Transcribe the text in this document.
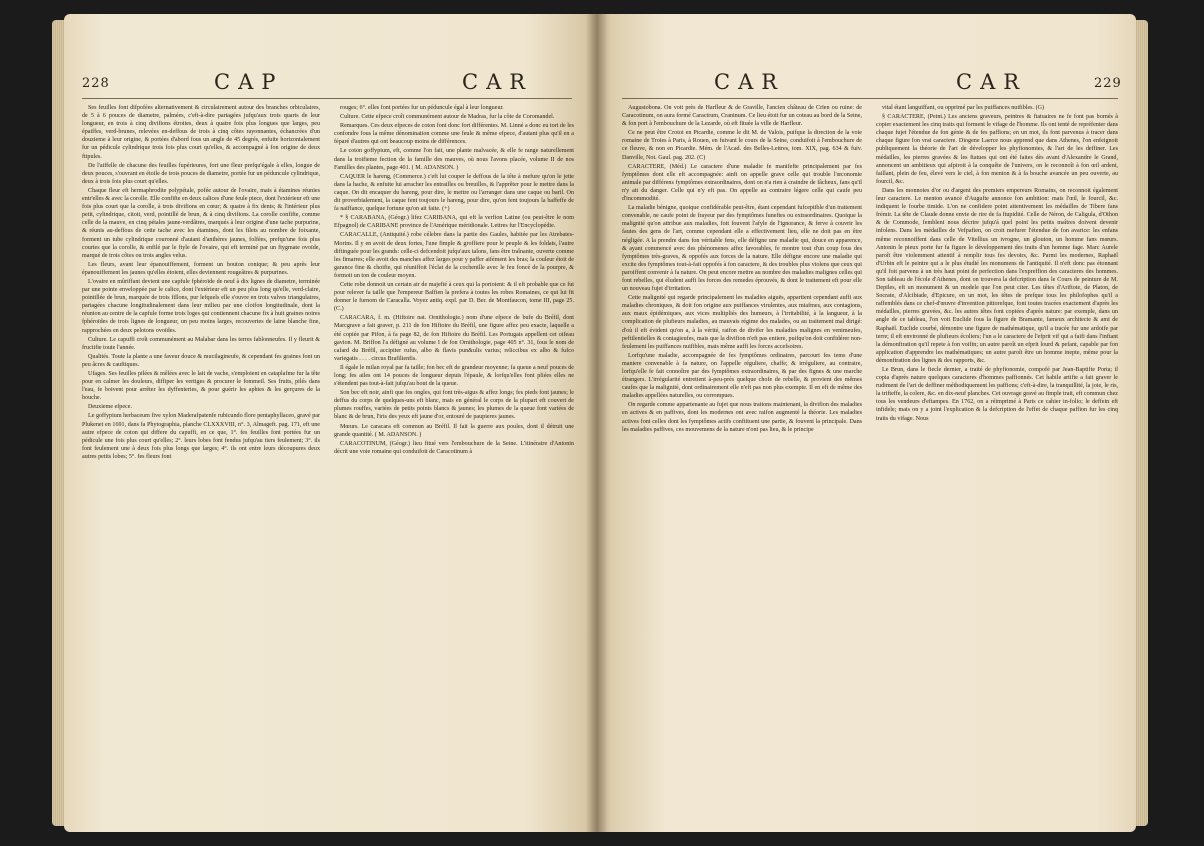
228	CAP	CAR

Ses feuilles font difpofées alternativement & circulairement autour des branches orbiculaires, de 5 à 6 pouces de diametre, palmées, c'eft-à-dire partagées jufqu'aux trois quarts de leur longueur, en trois à cinq divifions étroites, deux à quatre fois plus longues que larges, peu épaiffes, verd-brunes, relevées en-deffous de trois à cinq côtes rayonnantes, échancrées d'un douzieme à leur origine, & portées d'abord fous un angle de 45 degrés, enfuite horizontalement fur un pédicule cylindrique trois fois plus court qu'elles, & accompagné à fon origine de deux ftipules.

De l'aiffelle de chacune des feuilles fupérieures, fort une fleur prefqu'égale à elles, longue de deux pouces, s'ouvrant en étoile de trois pouces de diametre, portée fur un péduncule cylindrique, deux à trois fois plus court qu'elles.

Chaque fleur eft hermaphrodite polypétale, pofée autour de l'ovaire, mais à étamines réunies entr'elles & avec la corolle. Elle confifte en deux calices d'une feule piece, dont l'extérieur eft une fois plus court que la corolle, à trois divifions en cœur; & quatre à fix dents; & l'intérieur plus petit, cylindrique, citoit, verd, pointillé de brun, & à cinq divifions. La corolle confifte, comme celle de la mauve, en cinq pétales jaune-verdâtres, marqués à leur origine d'une tache purpurine, & réunis au-deffous de cette tache avec les étamines, dont les filets au nombre de foixante, forment un tube cylindrique couronné d'autant d'anthères jaunes, folfées, prefqu'une fois plus courtes que la corolle, & enfilé par le ftyle de l'ovaire, qui eft terminé par un ftygmate ovoïde, marqué de trois côtes ou trois angles velus.

Les fleurs, avant leur épanouiffement, forment un bouton conique; & peu après leur épanouiffement les jaunes qu'elles étoient, elles deviennent rougeâtres & purpurines.

L'ovaire en mûriffant devient une capfule fphéroïde de neuf à dix lignes de diametre, terminée par une pointe enveloppée par le calice, dont l'extérieur eft un peu plus long qu'elle, verd-claire, pointillée de brun, marquée de trois fillons, pur lefquels elle s'ouvre en trois valves triangulaires, partagées chacune longitudinalement dans leur milieu par une cloifon longitudinale, dont la réunion au centre de la capfule forme trois loges qui contiennent chacune fix à huit graines noires fphéroïdes de trois lignes de longueur, un peu moins larges, recouvertes de laine blanche fine, rapprochées en deux pelotons ovoïdes.

Culture. Le capuffi croît communément au Malabar dans les terres fablonneufes. Il y fleurit & fructifie toute l'année.

Qualités. Toute la plante a une faveur douce & mucilagineufe, & cependant fes graines font un peu âcres & cauftiques.

Ufages. Ses feuilles pilées & mêlées avec le lait de vache, s'emploient en cataplafme fur la tête pour en calmer les douleurs, diffiper les vertiges & procurer le fommeil. Ses fruits, pilés dans l'eau, fe boivent pour arrêter les dyffenteries, & pour guérir les aphtes & les gerçures de la bouche.

Deuxieme efpece.

Le goffypium herbaceum five xylon Maderafpatenfe rubicundo flore pentaphyllaceo, gravé par Plukenet en 1691, dans fa Phytographia, planche CLXXXVIII, n°. 3, Almageft. pag. 171, eft une autre efpece de coton qui differe du capuffi, en ce que, 1°. fes feuilles font portées fur un pédicule une fois plus court qu'elles; 2°. leurs lobes font fendus jufqu'au tiers feulement; 3°. ils font feulement une à deux fois plus longs que larges; 4°. ils ont entre leurs découpures deux autres petits lobes; 5°. fes fleurs font

rouges; 6°. elles font portées fur un péduncule égal à leur longueur.

Culture. Cette efpece croît communément autour de Madras, fur la côte de Coromandel.

Remarques. Ces deux efpeces de coton font donc fort différentes. M. Linné a donc eu tort de les confondre fous la même dénomination comme une feule & même efpece, d'autant plus qu'il en a féparé d'autres qui ont beaucoup moins de différences.

Le coton goffypium, eft, comme l'on fait, une plante malvacée, & elle fe range naturellement dans la troifieme fection de la famille des mauves, où nous l'avons placée, volume II de nos Familles des plantes, page 401. ( M. ADANSON. )

CAQUER le hareng, (Commerce.) c'eft lui couper le deffous de la tête à mefure qu'on le jette dans la hache, & enfuite lui arracher les entrailles ou breuilles, & l'apprêter pour le mettre dans la caque. On dit encaquer du hareng, pour dire, le mettre ou l'arranger dans une caque ou baril. On dit proverbialement, la caque fent toujours le hareng, pour dire, qu'on fent toujours la baffeffe de fa naiffance, quelque fortune qu'on ait faite. (+)

* § CARABANA, (Géogr.) lifez CARIBANA, qui eft la verfion Latine (ou peut-être le nom Efpagnol) de CARIBANE province de l'Amérique méridionale. Lettres fur l'Encyclopédie.

CARACALLE, (Antiquité.) robe célebre dans la partie des Gaules, habitée par les Atrebates-Morins. Il y en avoit de deux fortes, l'une fimple & groffiere pour le peuple & les foldats, l'autre diftinguée pour les grands: celle-ci defcendoit jufqu'aux talons, fans être traînante, ouverte comme les fimarres; elle avoit des manches affez larges pour y paffer aifément les bras; la couleur étoit de garance fine & choifie, qui réuniffoit l'éclat de la cochenille avec le feu foncé de la pourpre, & formoit un ton de couleur moyen.

Cette robe donnoit un certain air de majefté à ceux qui la portoient: & il eft probable que ce fut pour relever fa taille que l'empereur Baffien la prefera à toutes les robes Romaines, ce qui lui fit donner le furnom de Caracalla. Voyez antiq. expl. par D. Ber. de Montfaucon, tome III, page 25. (C.)

CARACARA, f. m. (Hiftoire nat. Ornithologie.) nom d'une efpece de bufe du Bréfil, dont Marcgrave a fait graver, p. 211 de fon Hiftoire du Bréfil, une figure affez peu exacte, laquelle a été copiée par Pifon, à fa page 82, de fon Hiftoire du Bréfil. Les Portugais appellent cet oifeau gavion. M. Briffon l'a défigné au volume I de fon Ornithologie, page 405 n°. 31, fous le nom de cafard du Bréfil, accipiter rufus, albo & flavis pun&ulis varius; reliccibus ex albo & fufco variegatis . . . . circus Brafilienfis.

Il égale le milan royal par fa taille; fon bec eft de grandeur moyenne; fa queue a neuf pouces de long; fes ailes ont 14 pouces de longueur depuis l'épaule, & lorfqu'elles font pliées elles ne s'étendent pas tout-à-fait jufqu'au bout de la queue.

Son bec eft noir, ainfi que fes ongles, qui font très-aigus & affez longs; fes pieds font jaunes; le deffus du corps de quelques-uns eft blanc, mais en général le corps de la plupart eft couvert de plumes rouffes, variées de petits points blancs & jaunes; les plumes de la queue font variées de blanc & de brun, l'iris des yeux eft jaune d'or, entouré de paupieres jaunes.

Mœurs. Le caracara eft commun au Bréfil. Il fait la guerre aux poules, dont il détruit une grande quantité. ( M. ADANSON. )

CARACOTINUM, (Géogr.) lieu fitué vers l'embouchure de la Seine. L'itinéraire d'Antonin décrit une voie romaine qui conduifoit de Caracotinum à

CAR	CAR	229

Augustobona. On voit près de Harfleur & de Graville, l'ancien château de Crïen ou ruine: de Caracotinum, on aura formé Caractrum, Craninum. Ce lieu étoit fur un coteau au bord de la Seine, & fon port à l'embouchure de la Lezarde, où eft fituée la ville de Harfleur.

Ce ne peut être Crotoi en Picardie, comme le dit M. de Valois, puifque la direction de la voie romaine de Troies à Paris, à Rouen, en fuivant le cours de la Seine, conduifoit à l'embouchure de ce fleuve, & non en Picardie. Mém. de l'Acad. des Belles-Lettres, tom. XIX, pag. 634 & fuiv. Danville, Not. Gaul. pag. 202. (C)

CARACTERE, (Méd.) Le caractere d'une maladie fe manifefte principalement par fes fymptômes dont elle eft accompagnée: ainfi on appelle grave celle qui trouble l'œconomie animale par différens fymptômes extraordinaires, dont on n'a rien à craindre de fâcheux, fans qu'il n'y ait du danger. Celle qui n'y eft pas. On appelle au contraire légere celle qui caufe peu d'incommodité.

La maladie bénigne, quoique confidérable peut-être, étant cependant fufceptible d'un traitement convenable, ne caufe point de frayeur par des fymptômes funeftes ou extraordinaires. Quoique la malignité qu'on attribue aux maladies, foit fouvent l'afyle de l'ignorance, & ferve à couvrir les fautes des gens de l'art, comme cependant elle a effectivement lieu, elle ne doit pas en être négligée. A la prendre dans fon véritable fens, elle défigne une maladie qui, douce en apparence, & ayant commencé avec des phénomenes affez favorables, fe montre tout d'un coup fous des fymptômes très-graves, & oppofés aux forces de la nature. Elle défigne encore une maladie qui excite des fymptômes tout-à-fait oppofés à fon caractere, & des troubles plus violens que ceux qui paroiffent convenir à fa nature. On peut encore mettre au nombre des maladies malignes celles qui font rebelles, qui éludent auffi les forces des remedes éprouvés, & dont le traitement eft pour elle un nouveau fujet d'irritation.

Cette malignité qui regarde principalement les maladies aiguës, appartient cependant auffi aux maladies chroniques, & doit fon origine aux puiffances virulentes, aux miafmes, aux contagions, aux maux épidémiques, aux vices multipliés des humeurs, à l'irritabilité, à la langueur, à la complication de plufieurs maladies, au mauvais régime des malades, ou au traitement mal dirigé: d'où il eft évident qu'on a, à la vérité, raifon de divifer les maladies malignes en venimeufes, peftilentielles & contagieufes, mais que la divifion n'eft pas entiere, puifqu'on doit confidérer non-feulement les puiffances nuifibles, mais même auffi les forces accefsoires.

Lorfqu'une maladie, accompagnée de fes fymptômes ordinaires, parcourt fes tems d'une maniere convenable à fa nature, on l'appelle réguliere, chaffe; & irréguliere, au contraire, lorfqu'elle fe fait connoître par des fymptômes extraordinaires, & par des fignes & une marche étrangers. L'irrégularité entretient à-peu-près quelque chofe de rebelle, & provient des mêmes caufes que la malignité, dont ordinairement elle n'eft pas non plus exempte. Il en eft de même des maladies appellées naturelles, ou corrompues.

On regarde comme appartenante au fujet que nous traitons maintenant, la divifion des maladies en actives & en paffives, dont les modernes ont avec raifon augmenté la théorie. Les maladies actives font celles dont les fymptômes actifs conftituent une partie, & fouvent la principale. Dans les maladies paffives, ces mouvemens de la nature n'ont pas lieu, & le principe

vital étant languiffant, ou opprimé par les puiffances nuifibles. (G)

§ CARACTERE, (Peint.) Les anciens graveurs, peintres & ftatuaires ne fe font pas bornés à copier exactement les cinq traits qui forment le vifage de l'homme. Ils ont tenté de repréfenter dans chaque fujet l'étendue de fon génie & de fes paffions; en un mot, ils font parvenus à tracer dans chaque figure fon vrai caractere. Diogene Laerce nous apprend que dans Athenes, l'on enfeignoit publiquement la théorie de l'art de développer les phyfionomies, & l'art de les deffiner. Les médailles, les pierres gravées & les ftatues qui ont été faites dès avant d'Alexandre le Grand, annoncent un ambitieux qui afpiroit à la conquête de l'univers, on le reconnoît à fon œil ardent, faillant, plein de feu, élevé vers le ciel, à fon menton & à fa bouche avancée un peu ouverte, au fourcil, &c.

Dans les monnoies d'or ou d'argent des premiers empereurs Romains, on reconnoit également leur caractere. Le menton avancé d'Augufte annonce fon ambition: mais l'œil, le fourcil, &c. indiquent le fourbe timide. L'on ne confidere point attentivement les médailles de Tibere fans frémir. La tête de Claude donne envie de rire de fa ftupidité. Celle de Néron, de Caligula, d'Othon & de Commode, femblent nous décrire jufqu'à quel point les petits maîtres doivent devenir infolens. Dans les médailles de Vefpafien, on croit mefurer l'étendue de fon avarice: les enfans même reconnoiffent dans celle de Vitellius un ivrogne, un glouton, un homme fans mœurs. Antonin le pieux porte fur fa figure le développement des traits d'un homme fage. Marc Aurele paroît être violemment attentif à remplir tous fes devoirs, &c. Parmi les modernes, Raphaël d'Urbin eft le peintre qui a le plus étudié les monumens de l'antiquité. Il n'eft donc pas étonnant qu'il foit parvenu à un très haut point de perfection dans l'expreffion des caracteres des hommes. Son tableau de l'école d'Athenes, dont on trouvera la defcription dans le Cours de peinture de M. Depiles, eft un monument & un modele que l'on peut citer. Les têtes d'Ariftote, de Platon, de Socrate, d'Alcibiade, d'Epicure, en un mot, les têtes de prefque tous les philofophes qu'il a raffemblés dans ce chef-d'œuvre d'invention pittorefque, font toutes tracées exactement d'après les médailles, pierres gravées, &c. les autres têtes font copiées d'après nature: par exemple, dans un angle de ce tableau, l'on voit Euclide fous la figure de Bramante, fameux architecte & ami de Raphaël. Euclide courbé, démontre une figure de mathématique, qu'il a tracée fur une ardoife par terre; il eft environné de plufieurs écoliers; l'un a le caractere de l'efprit vif qui a faifi dans l'inftant la démonftration qu'il repete à fon voifin; un autre paroît un efprit lourd & pefant, capable par fon application d'apprendre les mathématiques; un autre paroît être un homme inepte, même pour la démonftration des lignes & des rapports, &c.

Le Brun, dans le fiecle dernier, a traité de phyfionomie, compofé par Jean-Baptifte Porta; il copia d'après nature quelques caracteres d'hommes paffionnés. Cet habile artifte a fait graver le rudiment de l'art de deffiner méthodiquement les paffions; c'eft-à-dire, la tranquillité, la joie, le ris, la trifteffe, la colere, &c. en dix-neuf planches. Cet ouvrage gravé au fimple trait, eft commun chez tous les vendeurs d'eftampes. En 1762, on a réimprimé à Paris ce cahier in-folio; le deffein eft infidele; mais on y a joint l'explication & la defcription de l'effet de chaque paffion fur les cinq traits du vifage. Nous
